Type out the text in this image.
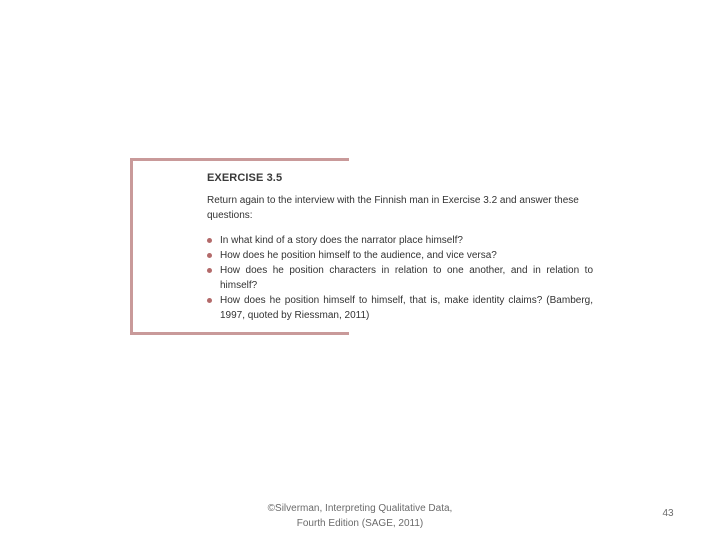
EXERCISE 3.5
Return again to the interview with the Finnish man in Exercise 3.2 and answer these questions:
In what kind of a story does the narrator place himself?
How does he position himself to the audience, and vice versa?
How does he position characters in relation to one another, and in relation to himself?
How does he position himself to himself, that is, make identity claims? (Bamberg, 1997, quoted by Riessman, 2011)
©Silverman, Interpreting Qualitative Data,
Fourth Edition (SAGE, 2011)
43
